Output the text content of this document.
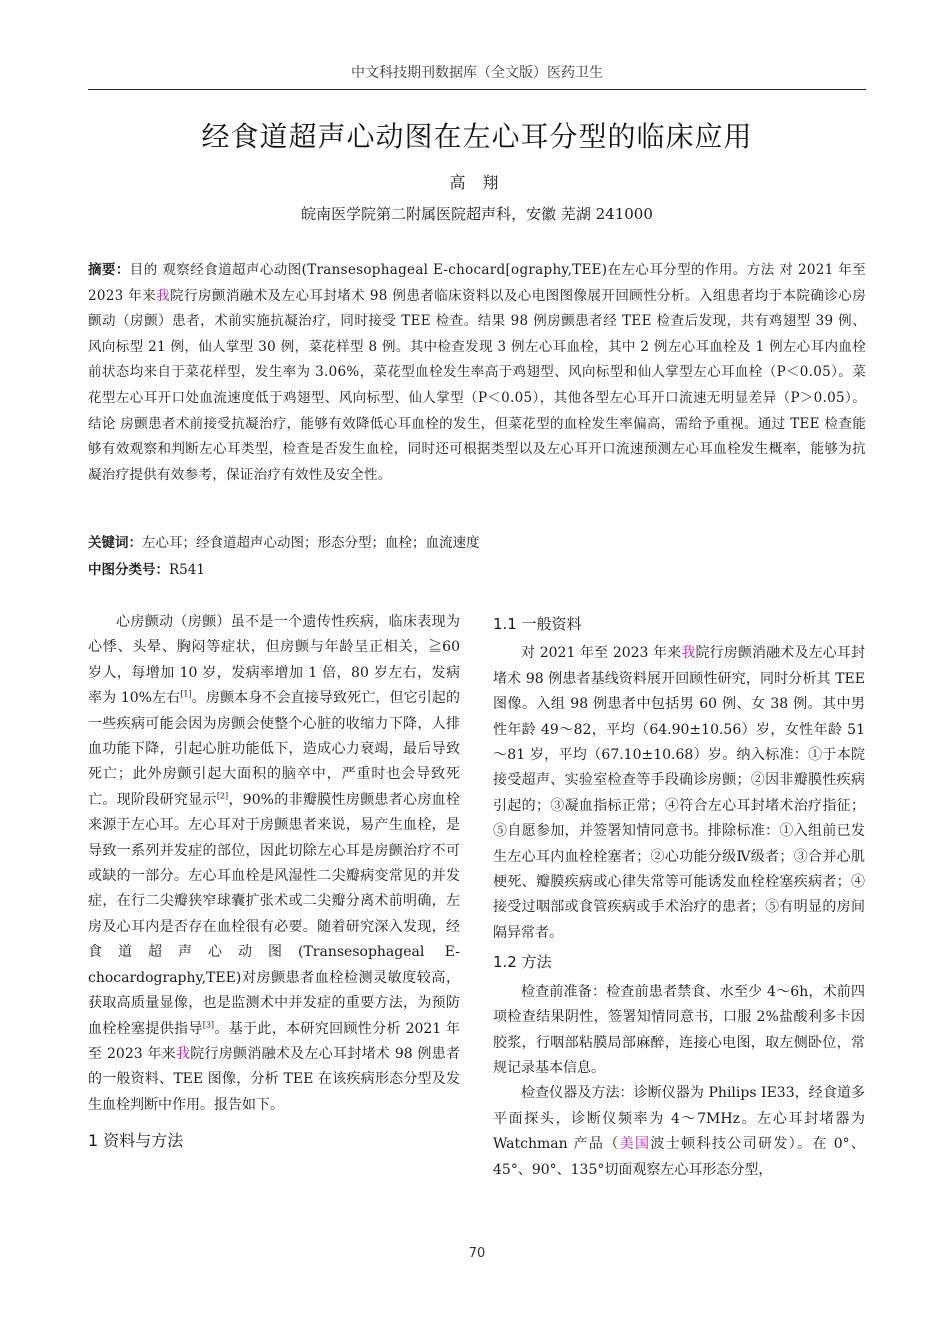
中文科技期刊数据库（全文版）医药卫生
经食道超声心动图在左心耳分型的临床应用
高 翔
皖南医学院第二附属医院超声科，安徽 芜湖 241000
摘要：目的 观察经食道超声心动图(Transesophageal E-chocard[ography,TEE)在左心耳分型的作用。方法 对 2021 年至 2023 年来我院行房颤消融术及左心耳封堵术 98 例患者临床资料以及心电图图像展开回顾性分析。入组患者均于本院确诊心房颤动（房颤）患者，术前实施抗凝治疗，同时接受 TEE 检查。结果 98 例房颤患者经 TEE 检查后发现，共有鸡翅型 39 例、风向标型 21 例，仙人掌型 30 例，菜花样型 8 例。其中检查发现 3 例左心耳血栓，其中 2 例左心耳血栓及 1 例左心耳内血栓前状态均来自于菜花样型，发生率为 3.06%，菜花型血栓发生率高于鸡翅型、风向标型和仙人掌型左心耳血栓（P＜0.05）。菜花型左心耳开口处血流速度低于鸡翅型、风向标型、仙人掌型（P＜0.05），其他各型左心耳开口流速无明显差异（P＞0.05）。结论 房颤患者术前接受抗凝治疗，能够有效降低心耳血栓的发生，但菜花型的血栓发生率偏高，需给予重视。通过 TEE 检查能够有效观察和判断左心耳类型，检查是否发生血栓，同时还可根据类型以及左心耳开口流速预测左心耳血栓发生概率，能够为抗凝治疗提供有效参考，保证治疗有效性及安全性。
关键词：左心耳；经食道超声心动图；形态分型；血栓；血流速度
中图分类号：R541

心房颤动（房颤）虽不是一个遗传性疾病，临床表现为心悸、头晕、胸闷等症状，但房颤与年龄呈正相关，≧60 岁人，每增加 10 岁，发病率增加 1 倍，80 岁左右，发病率为 10%左右[1]。房颤本身不会直接导致死亡，但它引起的一些疾病可能会因为房颤会使整个心脏的收缩力下降，人排血功能下降，引起心脏功能低下，造成心力衰竭，最后导致死亡；此外房颤引起大面积的脑卒中，严重时也会导致死亡。现阶段研究显示[2]，90%的非瓣膜性房颤患者心房血栓来源于左心耳。左心耳对于房颤患者来说，易产生血栓，是导致一系列并发症的部位，因此切除左心耳是房颤治疗不可或缺的一部分。左心耳血栓是风湿性二尖瓣病变常见的并发症，在行二尖瓣狭窄球囊扩张术或二尖瓣分离术前明确，左房及心耳内是否存在血栓很有必要。随着研究深入发现，经食道超声心动图(Transesophageal E-chocardography,TEE)对房颤患者血栓检测灵敏度较高，获取高质量显像，也是监测术中并发症的重要方法，为预防血栓栓塞提供指导[3]。基于此，本研究回顾性分析 2021 年至 2023 年来我院行房颤消融术及左心耳封堵术 98 例患者的一般资料、TEE 图像，分析 TEE 在该疾病形态分型及发生血栓判断中作用。报告如下。

1 资料与方法
1.1 一般资料

对 2021 年至 2023 年来我院行房颤消融术及左心耳封堵术 98 例患者基线资料展开回顾性研究，同时分析其 TEE 图像。入组 98 例患者中包括男 60 例、女 38 例。其中男性年龄 49～82，平均（64.90±10.56）岁，女性年龄 51～81 岁，平均（67.10±10.68）岁。纳入标准：①于本院接受超声、实验室检查等手段确诊房颤；②因非瓣膜性疾病引起的；③凝血指标正常；④符合左心耳封堵术治疗指征；⑤自愿参加，并签署知情同意书。排除标准：①入组前已发生左心耳内血栓栓塞者；②心功能分级Ⅳ级者；③合并心肌梗死、瓣膜疾病或心律失常等可能诱发血栓栓塞疾病者；④接受过咽部或食管疾病或手术治疗的患者；⑤有明显的房间隔异常者。

1.2 方法

检查前准备：检查前患者禁食、水至少 4～6h，术前四项检查结果阴性，签署知情同意书，口服 2%盐酸利多卡因胶浆，行咽部粘膜局部麻醉，连接心电图，取左侧卧位，常规记录基本信息。

检查仪器及方法：诊断仪器为 Philips IE33，经食道多平面探头，诊断仪频率为 4～7MHz。左心耳封堵器为 Watchman 产品（美国波士顿科技公司研发）。在 0°、45°、90°、135°切面观察左心耳形态分型，

70
